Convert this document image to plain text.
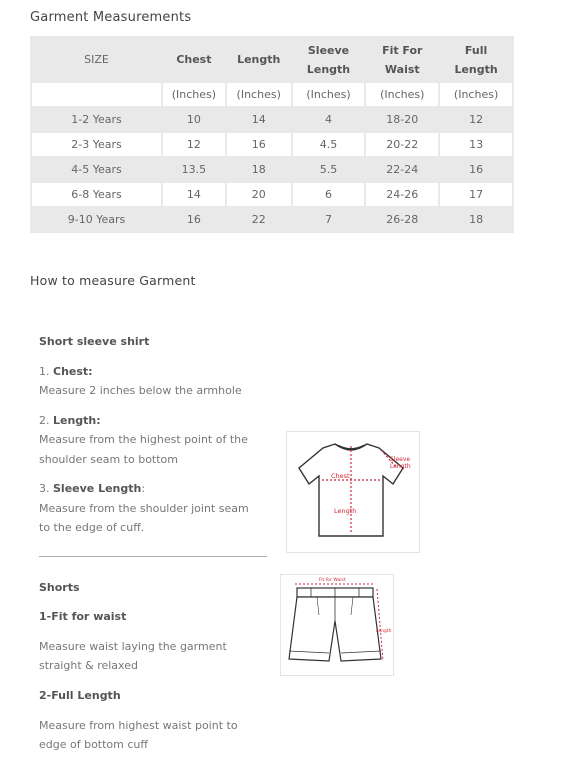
Garment Measurements
SIZE	Chest	Length	Sleeve Length	Fit For Waist	Full Length
	(Inches)	(Inches)	(Inches)	(Inches)	(Inches)
1-2 Years	10	14	4	18-20	12
2-3 Years	12	16	4.5	20-22	13
4-5 Years	13.5	18	5.5	22-24	16
6-8 Years	14	20	6	24-26	17
9-10 Years	16	22	7	26-28	18
How to measure Garment
Short sleeve shirt
1. Chest:
Measure 2 inches below the armhole
2. Length:
Measure from the highest point of the
shoulder seam to bottom
3. Sleeve Length:
Measure from the shoulder joint seam
to the edge of cuff.
Chest
Length
Sleeve
Length
Shorts
1-Fit for waist
Measure waist laying the garment
straight & relaxed
2-Full Length
Measure from highest waist point to
edge of bottom cuff
Fit for Waist
Length
